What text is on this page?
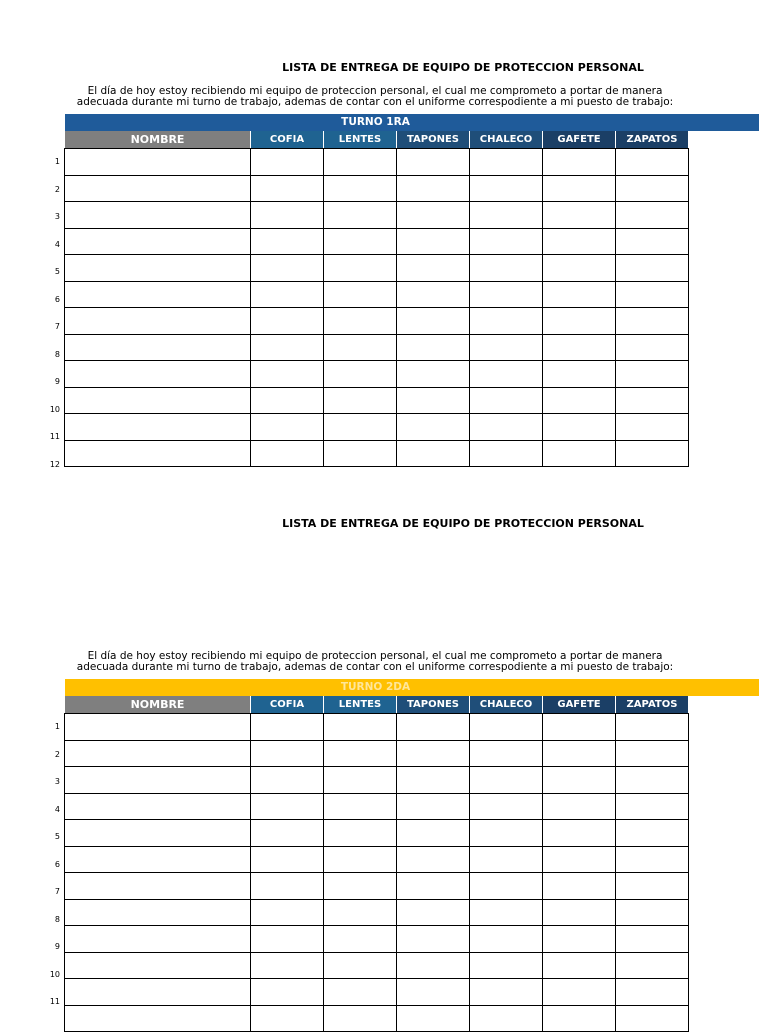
LISTA DE ENTREGA DE EQUIPO DE PROTECCION PERSONAL
El día de hoy estoy recibiendo mi equipo de proteccion personal, el cual me comprometo a portar de manera
adecuada durante mi turno de trabajo, ademas de contar con el uniforme correspodiente a mi puesto de trabajo:
TURNO 1RA
NOMBRE	COFIA	LENTES	TAPONES	CHALECO	GAFETE	ZAPATOS

1
2
3
4
5
6
7
8
9
10
11
12
LISTA DE ENTREGA DE EQUIPO DE PROTECCION PERSONAL
El día de hoy estoy recibiendo mi equipo de proteccion personal, el cual me comprometo a portar de manera
adecuada durante mi turno de trabajo, ademas de contar con el uniforme correspodiente a mi puesto de trabajo:
TURNO 2DA
NOMBRE	COFIA	LENTES	TAPONES	CHALECO	GAFETE	ZAPATOS

1
2
3
4
5
6
7
8
9
10
11
